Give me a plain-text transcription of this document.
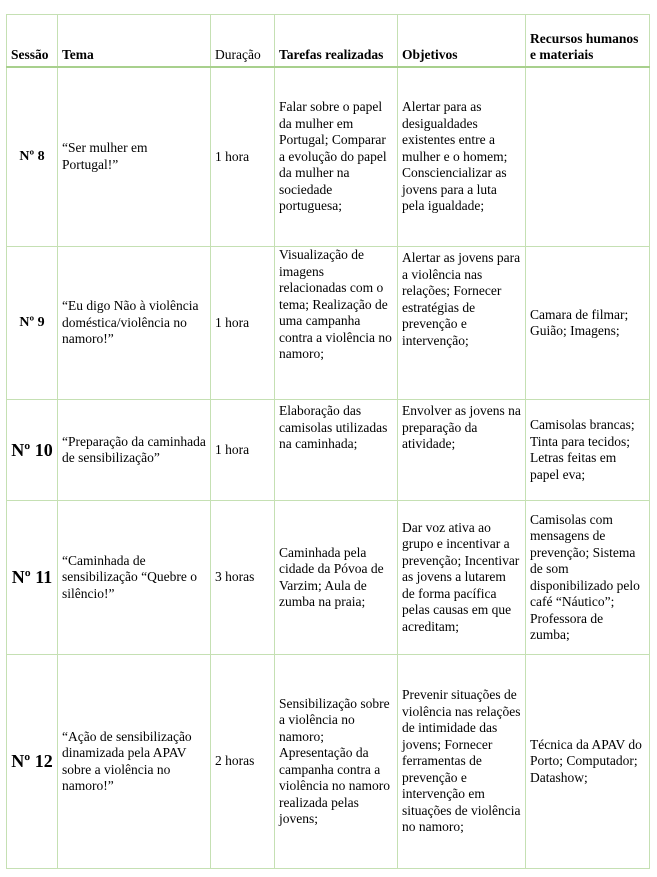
Sessão	Tema	Duração	Tarefas realizadas	Objetivos	Recursos humanos e materiais
Nº 8	“Ser mulher em Portugal!”	1 hora	Falar sobre o papel da mulher em Portugal; Comparar a evolução do papel da mulher na sociedade portuguesa;	Alertar para as desigualdades existentes entre a mulher e o homem; Consciencializar as jovens para a luta pela igualdade;	
Nº 9	“Eu digo Não à violência doméstica/violência no namoro!”	1 hora	Visualização de imagens relacionadas com o tema; Realização de uma campanha contra a violência no namoro;	Alertar as jovens para a violência nas relações; Fornecer estratégias de prevenção e intervenção;	Camara de filmar; Guião; Imagens;
Nº 10	“Preparação da caminhada de sensibilização”	1 hora	Elaboração das camisolas utilizadas na caminhada;	Envolver as jovens na preparação da atividade;	Camisolas brancas; Tinta para tecidos; Letras feitas em papel eva;
Nº 11	“Caminhada de sensibilização “Quebre o silêncio!”	3 horas	Caminhada pela cidade da Póvoa de Varzim; Aula de zumba na praia;	Dar voz ativa ao grupo e incentivar a prevenção; Incentivar as jovens a lutarem de forma pacífica pelas causas em que acreditam;	Camisolas com mensagens de prevenção; Sistema de som disponibilizado pelo café “Náutico”; Professora de zumba;
Nº 12	“Ação de sensibilização dinamizada pela APAV sobre a violência no namoro!”	2 horas	Sensibilização sobre a violência no namoro; Apresentação da campanha contra a violência no namoro realizada pelas jovens;	Prevenir situações de violência nas relações de intimidade das jovens; Fornecer ferramentas de prevenção e intervenção em situações de violência no namoro;	Técnica da APAV do Porto; Computador; Datashow;
